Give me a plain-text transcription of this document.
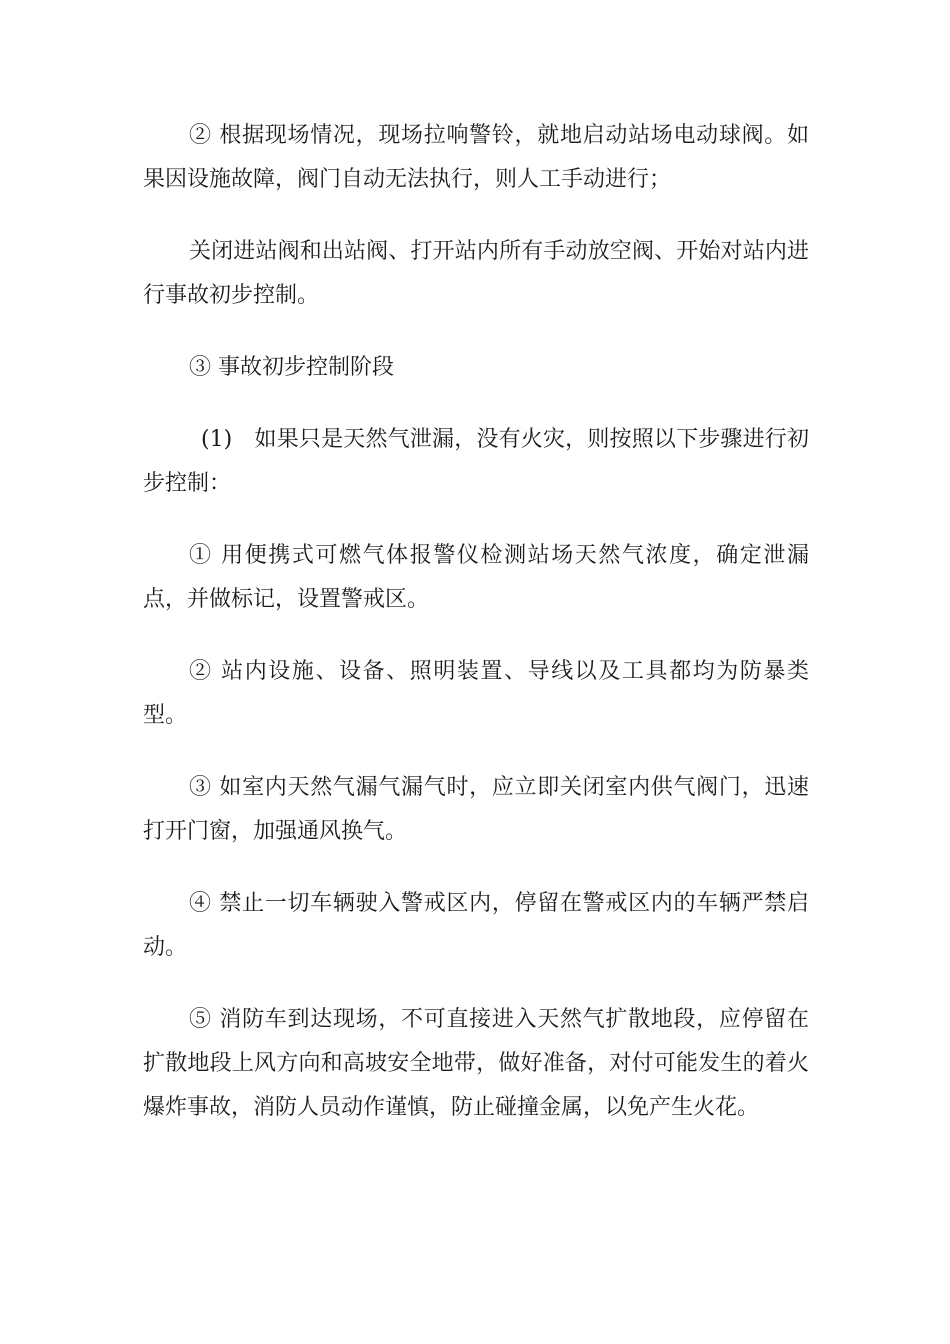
② 根据现场情况，现场拉响警铃，就地启动站场电动球阀。如果因设施故障，阀门自动无法执行，则人工手动进行；

关闭进站阀和出站阀、打开站内所有手动放空阀、开始对站内进行事故初步控制。

③ 事故初步控制阶段

(1)　如果只是天然气泄漏，没有火灾，则按照以下步骤进行初步控制：

① 用便携式可燃气体报警仪检测站场天然气浓度，确定泄漏点，并做标记，设置警戒区。

② 站内设施、设备、照明装置、导线以及工具都均为防暴类型。

③ 如室内天然气漏气漏气时，应立即关闭室内供气阀门，迅速打开门窗，加强通风换气。

④ 禁止一切车辆驶入警戒区内，停留在警戒区内的车辆严禁启动。

⑤ 消防车到达现场，不可直接进入天然气扩散地段，应停留在扩散地段上风方向和高坡安全地带，做好准备，对付可能发生的着火爆炸事故，消防人员动作谨慎，防止碰撞金属，以免产生火花。
